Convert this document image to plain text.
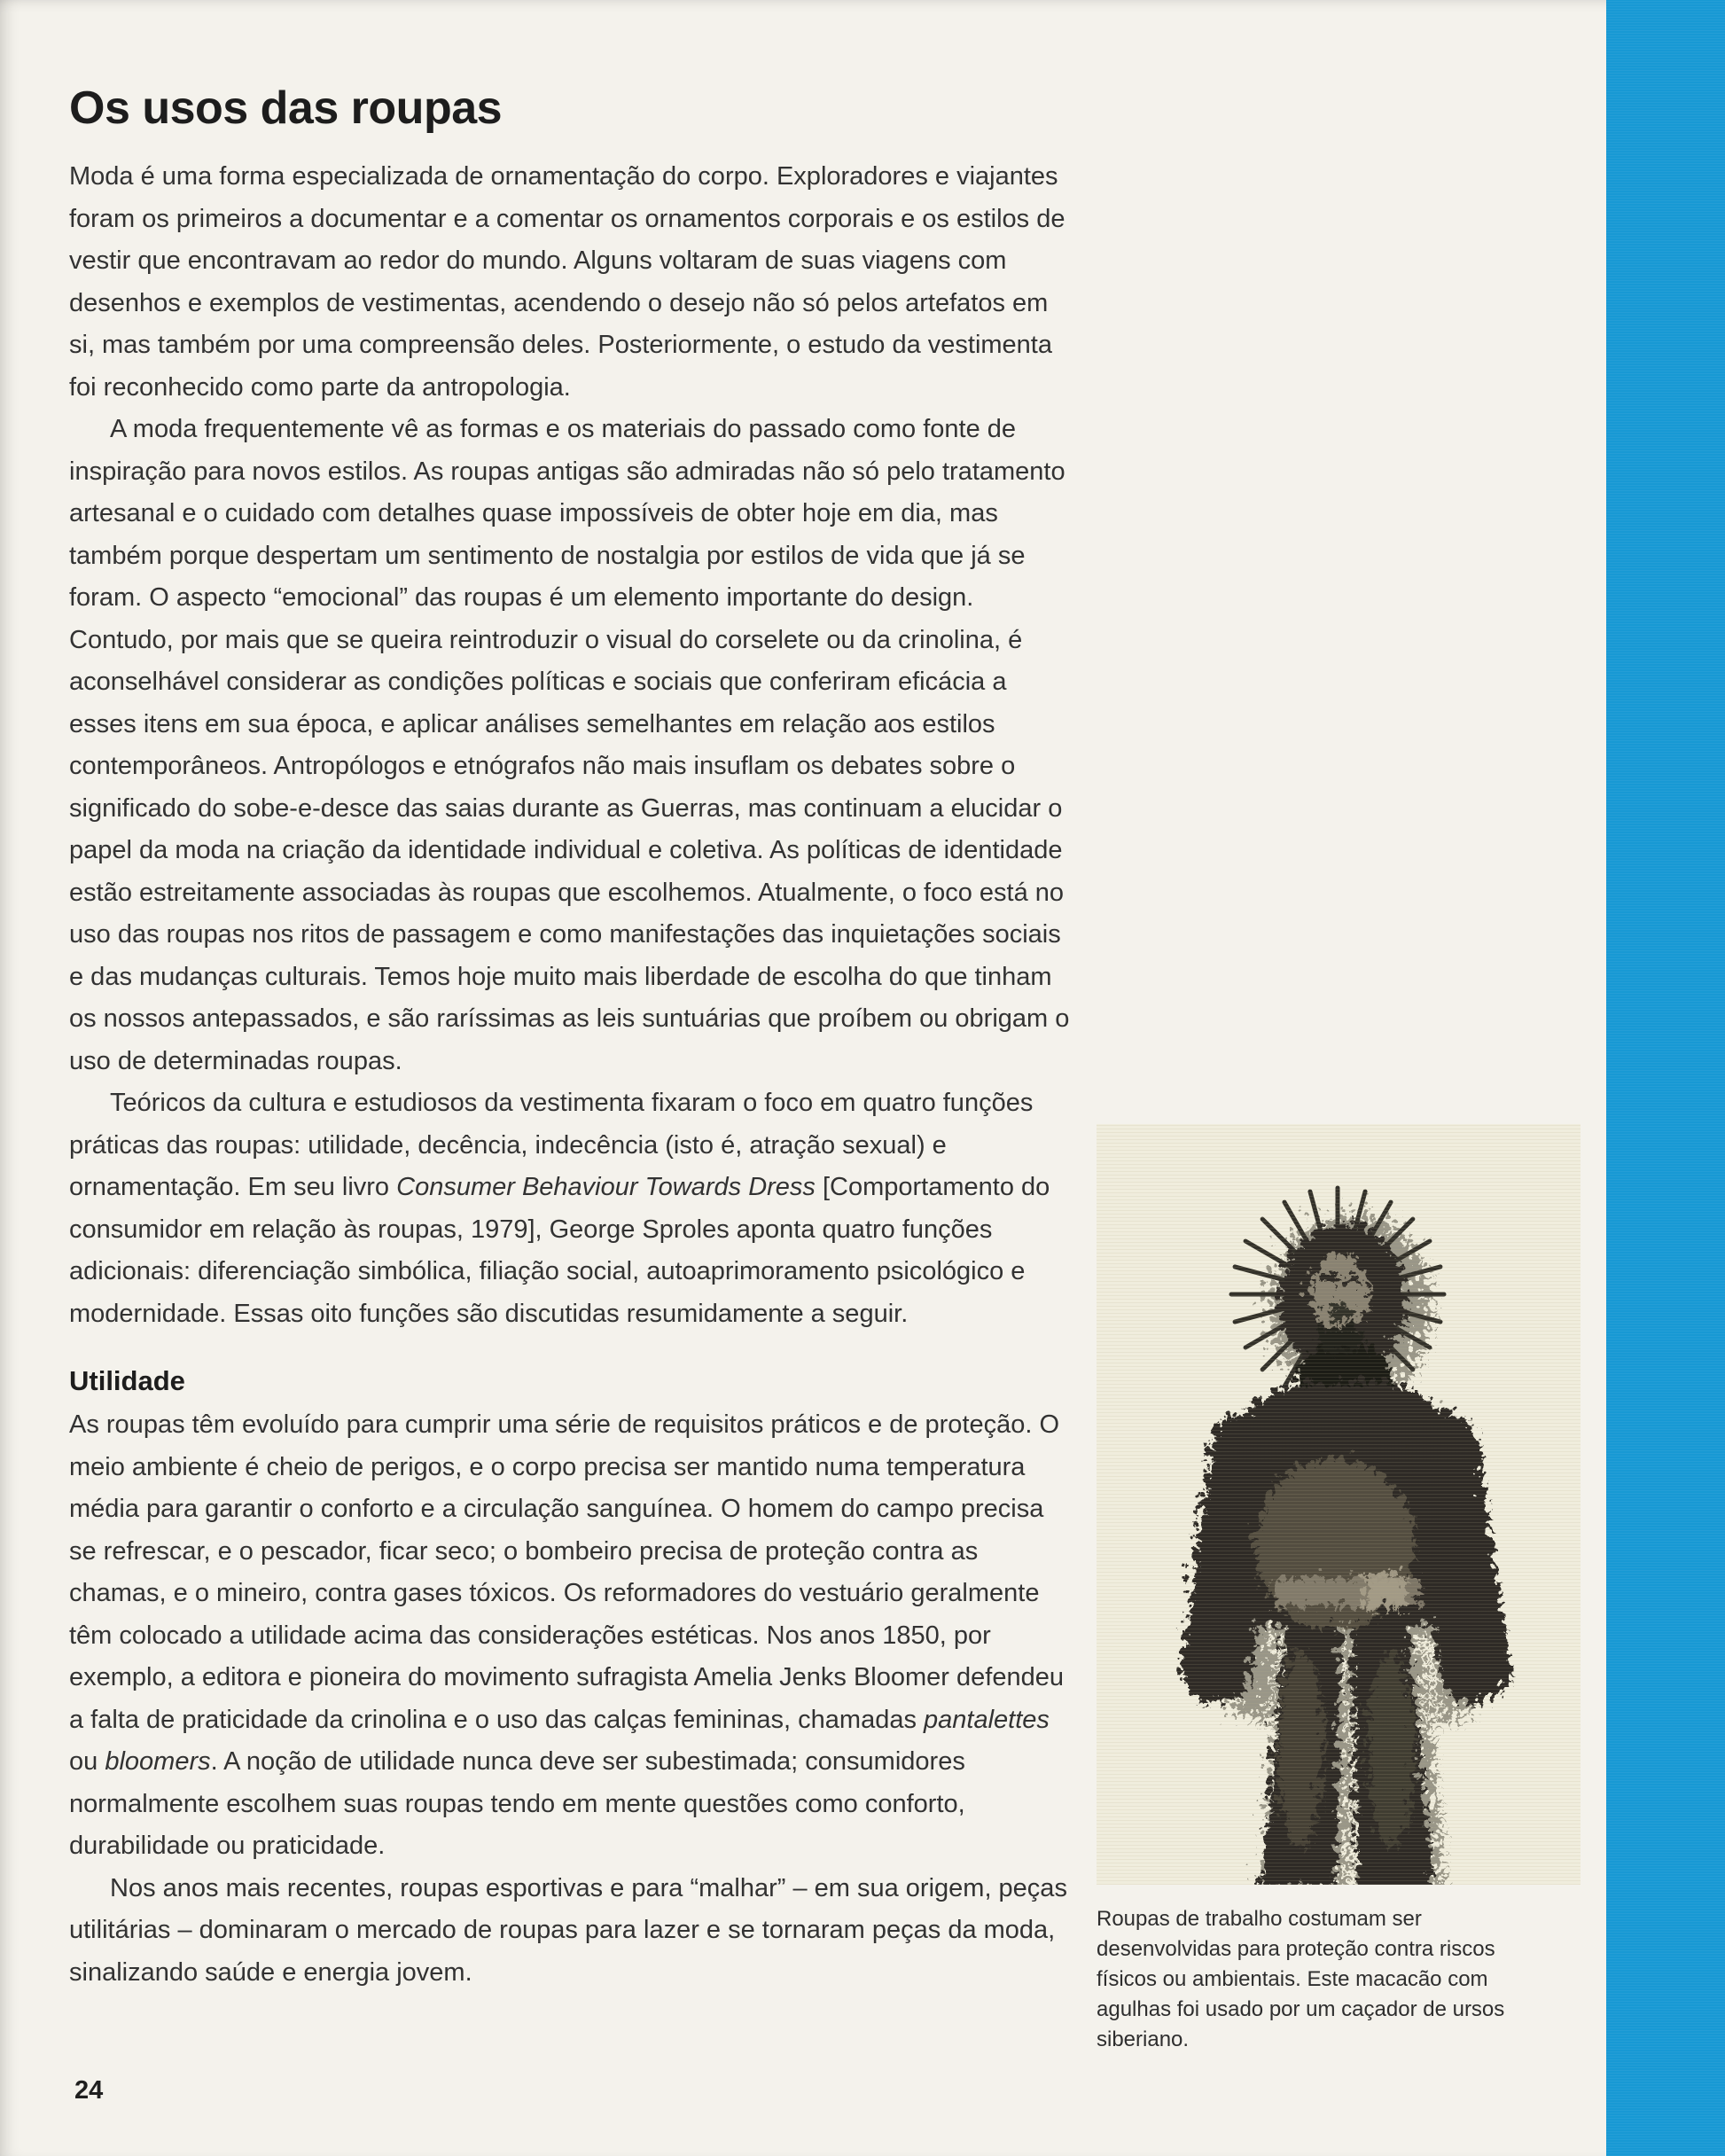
Os usos das roupas

Moda é uma forma especializada de ornamentação do corpo. Exploradores e viajantes foram os primeiros a documentar e a comentar os ornamentos corporais e os estilos de vestir que encontravam ao redor do mundo. Alguns voltaram de suas viagens com desenhos e exemplos de vestimentas, acendendo o desejo não só pelos artefatos em si, mas também por uma compreensão deles. Posteriormente, o estudo da vestimenta foi reconhecido como parte da antropologia.

A moda frequentemente vê as formas e os materiais do passado como fonte de inspiração para novos estilos. As roupas antigas são admiradas não só pelo tratamento artesanal e o cuidado com detalhes quase impossíveis de obter hoje em dia, mas também porque despertam um sentimento de nostalgia por estilos de vida que já se foram. O aspecto “emocional” das roupas é um elemento importante do design. Contudo, por mais que se queira reintroduzir o visual do corselete ou da crinolina, é aconselhável considerar as condições políticas e sociais que conferiram eficácia a esses itens em sua época, e aplicar análises semelhantes em relação aos estilos contemporâneos. Antropólogos e etnógrafos não mais insuflam os debates sobre o significado do sobe-e-desce das saias durante as Guerras, mas continuam a elucidar o papel da moda na criação da identidade individual e coletiva. As políticas de identidade estão estreitamente associadas às roupas que escolhemos. Atualmente, o foco está no uso das roupas nos ritos de passagem e como manifestações das inquietações sociais e das mudanças culturais. Temos hoje muito mais liberdade de escolha do que tinham os nossos antepassados, e são raríssimas as leis suntuárias que proíbem ou obrigam o uso de determinadas roupas.

Teóricos da cultura e estudiosos da vestimenta fixaram o foco em quatro funções práticas das roupas: utilidade, decência, indecência (isto é, atração sexual) e ornamentação. Em seu livro Consumer Behaviour Towards Dress [Comportamento do consumidor em relação às roupas, 1979], George Sproles aponta quatro funções adicionais: diferenciação simbólica, filiação social, autoaprimoramento psicológico e modernidade. Essas oito funções são discutidas resumidamente a seguir.

Utilidade

As roupas têm evoluído para cumprir uma série de requisitos práticos e de proteção. O meio ambiente é cheio de perigos, e o corpo precisa ser mantido numa temperatura média para garantir o conforto e a circulação sanguínea. O homem do campo precisa se refrescar, e o pescador, ficar seco; o bombeiro precisa de proteção contra as chamas, e o mineiro, contra gases tóxicos. Os reformadores do vestuário geralmente têm colocado a utilidade acima das considerações estéticas. Nos anos 1850, por exemplo, a editora e pioneira do movimento sufragista Amelia Jenks Bloomer defendeu a falta de praticidade da crinolina e o uso das calças femininas, chamadas pantalettes ou bloomers. A noção de utilidade nunca deve ser subestimada; consumidores normalmente escolhem suas roupas tendo em mente questões como conforto, durabilidade ou praticidade.

Nos anos mais recentes, roupas esportivas e para “malhar” – em sua origem, peças utilitárias – dominaram o mercado de roupas para lazer e se tornaram peças da moda, sinalizando saúde e energia jovem.

Roupas de trabalho costumam ser desenvolvidas para proteção contra riscos físicos ou ambientais. Este macacão com agulhas foi usado por um caçador de ursos siberiano.
24
